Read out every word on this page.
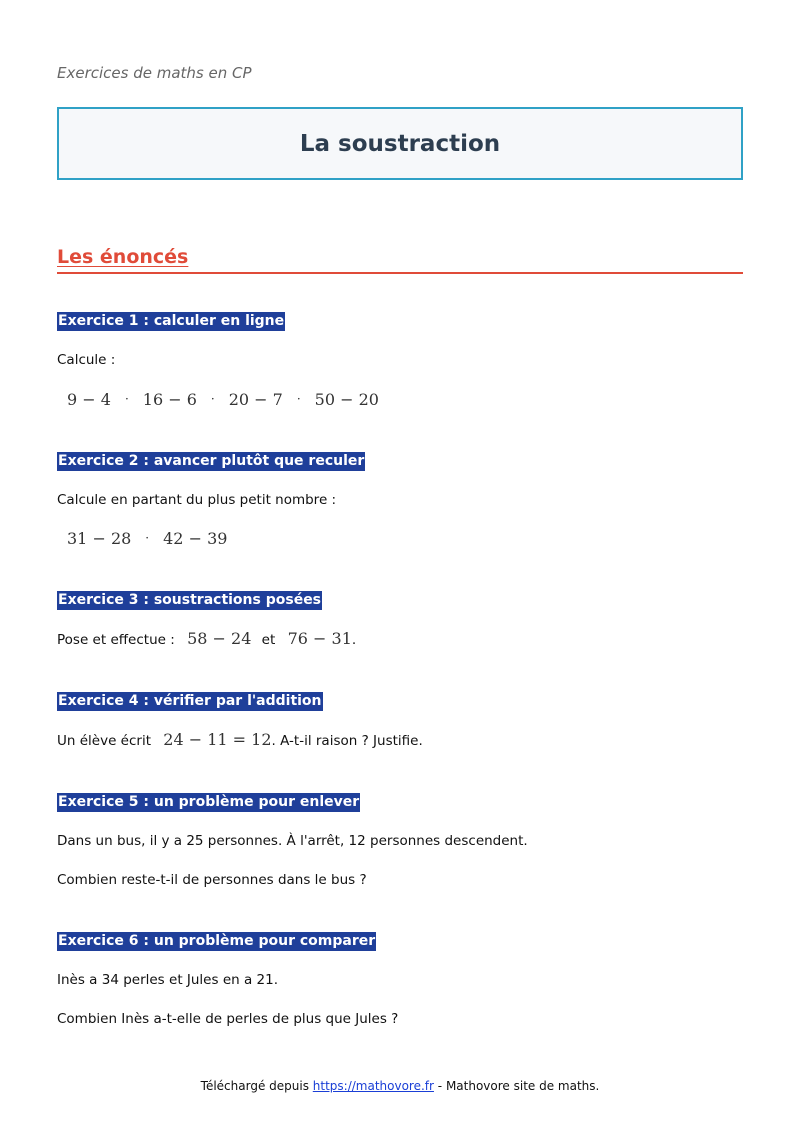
Exercices de maths en CP
La soustraction
Les énoncés
Exercice 1 : calculer en ligne
Calcule :
9 − 4 · 16 − 6 · 20 − 7 · 50 − 20
Exercice 2 : avancer plutôt que reculer
Calcule en partant du plus petit nombre :
31 − 28 · 42 − 39
Exercice 3 : soustractions posées
Pose et effectue : 58 − 24 et 76 − 31.
Exercice 4 : vérifier par l'addition
Un élève écrit 24 − 11 = 12. A-t-il raison ? Justifie.
Exercice 5 : un problème pour enlever
Dans un bus, il y a 25 personnes. À l'arrêt, 12 personnes descendent.
Combien reste-t-il de personnes dans le bus ?
Exercice 6 : un problème pour comparer
Inès a 34 perles et Jules en a 21.
Combien Inès a-t-elle de perles de plus que Jules ?
Téléchargé depuis https://mathovore.fr - Mathovore site de maths.
